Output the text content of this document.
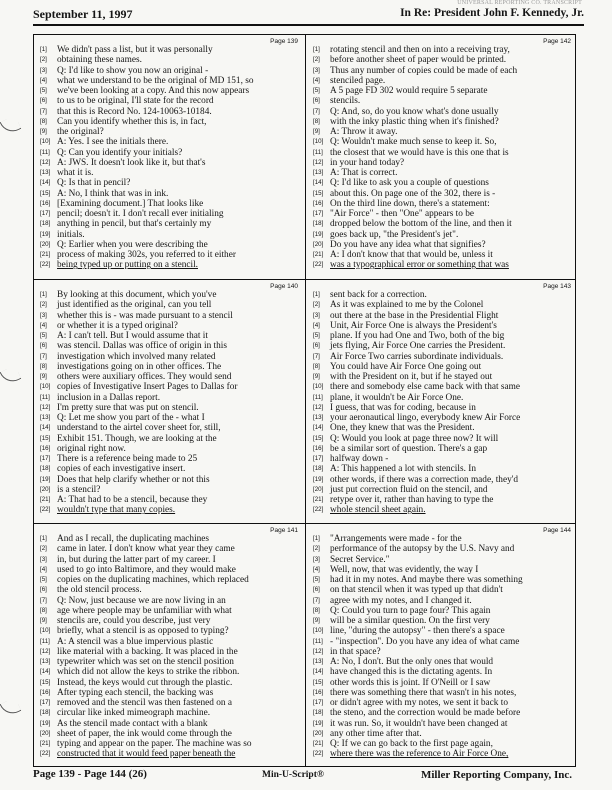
UNIVERSAL REPORTING CO. TRANSCRIPT
September 11, 1997	In Re: President John F. Kennedy, Jr.
Page 139
[1] We didn't pass a list, but it was personally
[2] obtaining these names.
[3] Q: I'd like to show you now an original -
[4] what we understand to be the original of MD 151, so
[5] we've been looking at a copy. And this now appears
[6] to us to be original, I'll state for the record
[7] that this is Record No. 124-10063-10184.
[8] Can you identify whether this is, in fact,
[9] the original?
[10] A: Yes. I see the initials there.
[11] Q: Can you identify your initials?
[12] A: JWS. It doesn't look like it, but that's
[13] what it is.
[14] Q: Is that in pencil?
[15] A: No, I think that was in ink.
[16] [Examining document.] That looks like
[17] pencil; doesn't it. I don't recall ever initialing
[18] anything in pencil, but that's certainly my
[19] initials.
[20] Q: Earlier when you were describing the
[21] process of making 302s, you referred to it either
[22] being typed up or putting on a stencil.
Page 142
[1] rotating stencil and then on into a receiving tray,
[2] before another sheet of paper would be printed.
[3] Thus any number of copies could be made of each
[4] stenciled page.
[5] A 5 page FD 302 would require 5 separate
[6] stencils.
[7] Q: And, so, do you know what's done usually
[8] with the inky plastic thing when it's finished?
[9] A: Throw it away.
[10] Q: Wouldn't make much sense to keep it. So,
[11] the closest that we would have is this one that is
[12] in your hand today?
[13] A: That is correct.
[14] Q: I'd like to ask you a couple of questions
[15] about this. On page one of the 302, there is -
[16] On the third line down, there's a statement:
[17] "Air Force" - then "One" appears to be
[18] dropped below the bottom of the line, and then it
[19] goes back up, "the President's jet".
[20] Do you have any idea what that signifies?
[21] A: I don't know that that would be, unless it
[22] was a typographical error or something that was
Page 140
[1] By looking at this document, which you've
[2] just identified as the original, can you tell
[3] whether this is - was made pursuant to a stencil
[4] or whether it is a typed original?
[5] A: I can't tell. But I would assume that it
[6] was stencil. Dallas was office of origin in this
[7] investigation which involved many related
[8] investigations going on in other offices. The
[9] others were auxiliary offices. They would send
[10] copies of Investigative Insert Pages to Dallas for
[11] inclusion in a Dallas report.
[12] I'm pretty sure that was put on stencil.
[13] Q: Let me show you part of the - what I
[14] understand to the airtel cover sheet for, still,
[15] Exhibit 151. Though, we are looking at the
[16] original right now.
[17] There is a reference being made to 25
[18] copies of each investigative insert.
[19] Does that help clarify whether or not this
[20] is a stencil?
[21] A: That had to be a stencil, because they
[22] wouldn't type that many copies.
Page 143
[1] sent back for a correction.
[2] As it was explained to me by the Colonel
[3] out there at the base in the Presidential Flight
[4] Unit, Air Force One is always the President's
[5] plane. If you had One and Two, both of the big
[6] jets flying, Air Force One carries the President.
[7] Air Force Two carries subordinate individuals.
[8] You could have Air Force One going out
[9] with the President on it, but if he stayed out
[10] there and somebody else came back with that same
[11] plane, it wouldn't be Air Force One.
[12] I guess, that was for coding, because in
[13] your aeronautical lingo, everybody knew Air Force
[14] One, they knew that was the President.
[15] Q: Would you look at page three now? It will
[16] be a similar sort of question. There's a gap
[17] halfway down -
[18] A: This happened a lot with stencils. In
[19] other words, if there was a correction made, they'd
[20] just put correction fluid on the stencil, and
[21] retype over it, rather than having to type the
[22] whole stencil sheet again.
Page 141
[1] And as I recall, the duplicating machines
[2] came in later. I don't know what year they came
[3] in, but during the latter part of my career. I
[4] used to go into Baltimore, and they would make
[5] copies on the duplicating machines, which replaced
[6] the old stencil process.
[7] Q: Now, just because we are now living in an
[8] age where people may be unfamiliar with what
[9] stencils are, could you describe, just very
[10] briefly, what a stencil is as opposed to typing?
[11] A: A stencil was a blue impervious plastic
[12] like material with a backing. It was placed in the
[13] typewriter which was set on the stencil position
[14] which did not allow the keys to strike the ribbon.
[15] Instead, the keys would cut through the plastic.
[16] After typing each stencil, the backing was
[17] removed and the stencil was then fastened on a
[18] circular like inked mimeograph machine.
[19] As the stencil made contact with a blank
[20] sheet of paper, the ink would come through the
[21] typing and appear on the paper. The machine was so
[22] constructed that it would feed paper beneath the
Page 144
[1] "Arrangements were made - for the
[2] performance of the autopsy by the U.S. Navy and
[3] Secret Service."
[4] Well, now, that was evidently, the way I
[5] had it in my notes. And maybe there was something
[6] on that stencil when it was typed up that didn't
[7] agree with my notes, and I changed it.
[8] Q: Could you turn to page four? This again
[9] will be a similar question. On the first very
[10] line, "during the autopsy" - then there's a space
[11] - "inspection". Do you have any idea of what came
[12] in that space?
[13] A: No, I don't. But the only ones that would
[14] have changed this is the dictating agents. In
[15] other words this is joint. If O'Neill or I saw
[16] there was something there that wasn't in his notes,
[17] or didn't agree with my notes, we sent it back to
[18] the steno, and the correction would be made before
[19] it was run. So, it wouldn't have been changed at
[20] any other time after that.
[21] Q: If we can go back to the first page again,
[22] where there was the reference to Air Force One,
Page 139 - Page 144 (26)	Min-U-Script®	Miller Reporting Company, Inc.
